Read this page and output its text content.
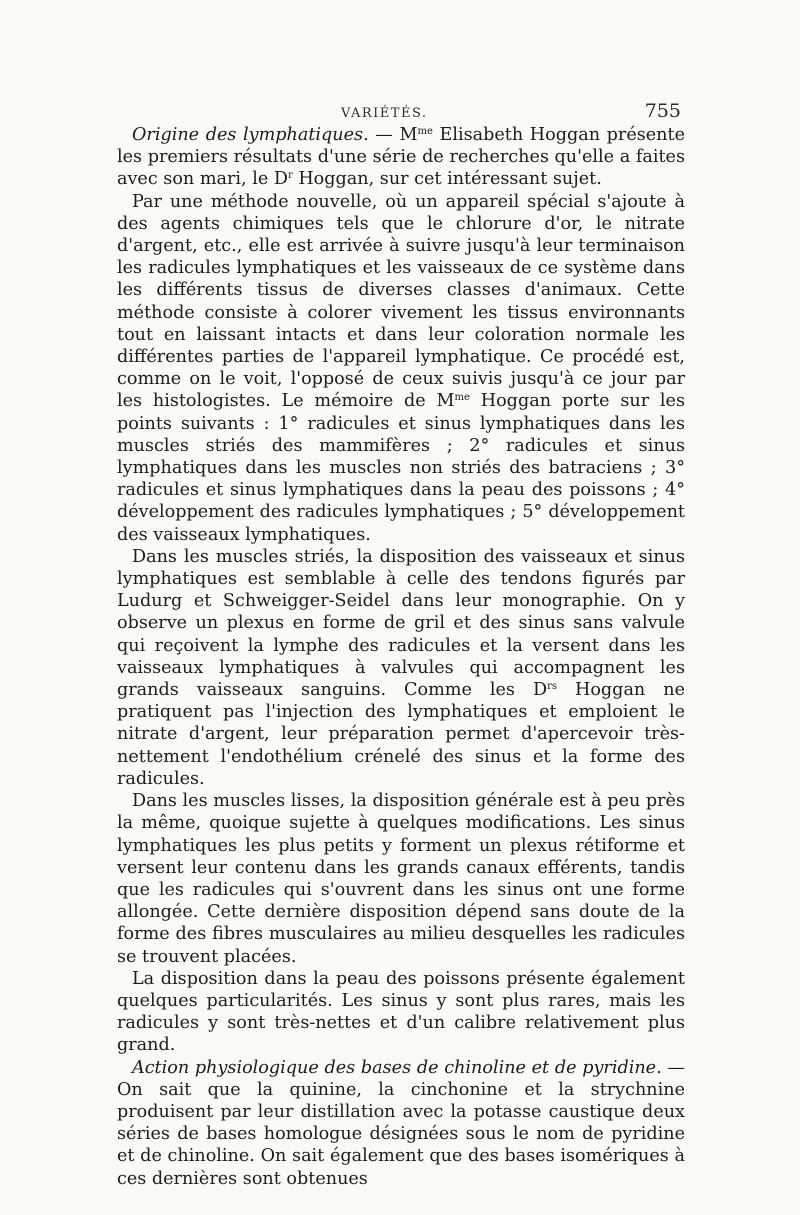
VARIÉTÉS.	755

Origine des lymphatiques. — $M^{me}$ Elisabeth Hoggan présente les premiers résultats d'une série de recherches qu'elle a faites avec son mari, le $D^r$ Hoggan, sur cet intéressant sujet.

Par une méthode nouvelle, où un appareil spécial s'ajoute à des agents chimiques tels que le chlorure d'or, le nitrate d'argent, etc., elle est arrivée à suivre jusqu'à leur terminaison les radicules lymphatiques et les vaisseaux de ce système dans les différents tissus de diverses classes d'animaux. Cette méthode consiste à colorer vivement les tissus environnants tout en laissant intacts et dans leur coloration normale les différentes parties de l'appareil lymphatique. Ce procédé est, comme on le voit, l'opposé de ceux suivis jusqu'à ce jour par les histologistes. Le mémoire de $M^{me}$ Hoggan porte sur les points suivants : 1° radicules et sinus lymphatiques dans les muscles striés des mammifères ; 2° radicules et sinus lymphatiques dans les muscles non striés des batraciens ; 3° radicules et sinus lymphatiques dans la peau des poissons ; 4° développement des radicules lymphatiques ; 5° développement des vaisseaux lymphatiques.

Dans les muscles striés, la disposition des vaisseaux et sinus lymphatiques est semblable à celle des tendons figurés par Ludurg et Schweigger-Seidel dans leur monographie. On y observe un plexus en forme de gril et des sinus sans valvule qui reçoivent la lymphe des radicules et la versent dans les vaisseaux lymphatiques à valvules qui accompagnent les grands vaisseaux sanguins. Comme les $D^{rs}$ Hoggan ne pratiquent pas l'injection des lymphatiques et emploient le nitrate d'argent, leur préparation permet d'apercevoir très-nettement l'endothélium crénelé des sinus et la forme des radicules.

Dans les muscles lisses, la disposition générale est à peu près la même, quoique sujette à quelques modifications. Les sinus lymphatiques les plus petits y forment un plexus rétiforme et versent leur contenu dans les grands canaux efférents, tandis que les radicules qui s'ouvrent dans les sinus ont une forme allongée. Cette dernière disposition dépend sans doute de la forme des fibres musculaires au milieu desquelles les radicules se trouvent placées.

La disposition dans la peau des poissons présente également quelques particularités. Les sinus y sont plus rares, mais les radicules y sont très-nettes et d'un calibre relativement plus grand.

Action physiologique des bases de chinoline et de pyridine. — On sait que la quinine, la cinchonine et la strychnine produisent par leur distillation avec la potasse caustique deux séries de bases homologue désignées sous le nom de pyridine et de chinoline. On sait également que des bases isomériques à ces dernières sont obtenues
